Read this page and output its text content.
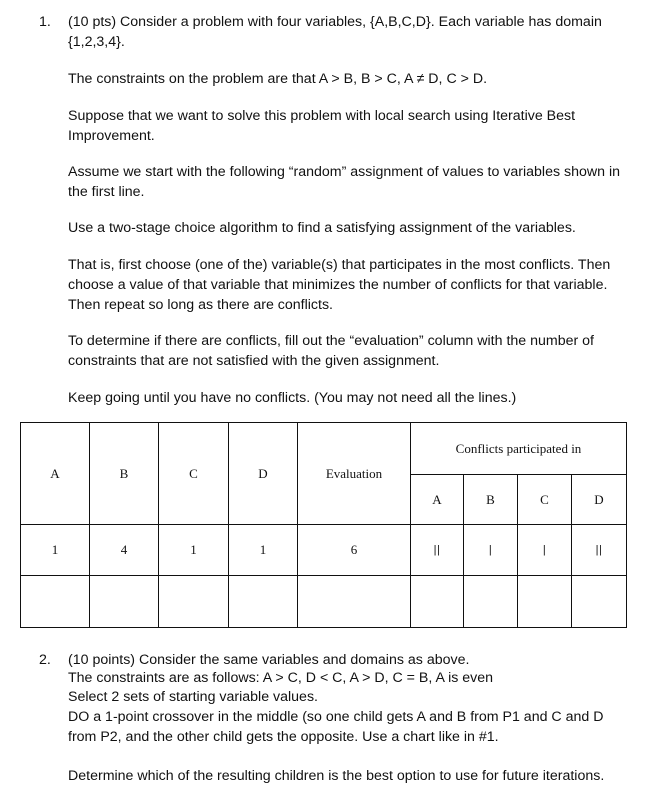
1. (10 pts) Consider a problem with four variables, {A,B,C,D}. Each variable has domain
{1,2,3,4}.
The constraints on the problem are that A > B, B > C, A ≠ D, C > D.
Suppose that we want to solve this problem with local search using Iterative Best
Improvement.
Assume we start with the following “random” assignment of values to variables shown in
the first line.
Use a two-stage choice algorithm to find a satisfying assignment of the variables.
That is, first choose (one of the) variable(s) that participates in the most conflicts. Then
choose a value of that variable that minimizes the number of conflicts for that variable.
Then repeat so long as there are conflicts.
To determine if there are conflicts, fill out the “evaluation” column with the number of
constraints that are not satisfied with the given assignment.
Keep going until you have no conflicts. (You may not need all the lines.)
A	B	C	D	Evaluation	Conflicts participated in			
					A	B	C	D
1	4	1	1	6	||	|	|	||

2. (10 points) Consider the same variables and domains as above.
The constraints are as follows: A > C, D < C, A > D, C = B, A is even
Select 2 sets of starting variable values.
DO a 1-point crossover in the middle (so one child gets A and B from P1 and C and D
from P2, and the other child gets the opposite. Use a chart like in #1.
Determine which of the resulting children is the best option to use for future iterations.
